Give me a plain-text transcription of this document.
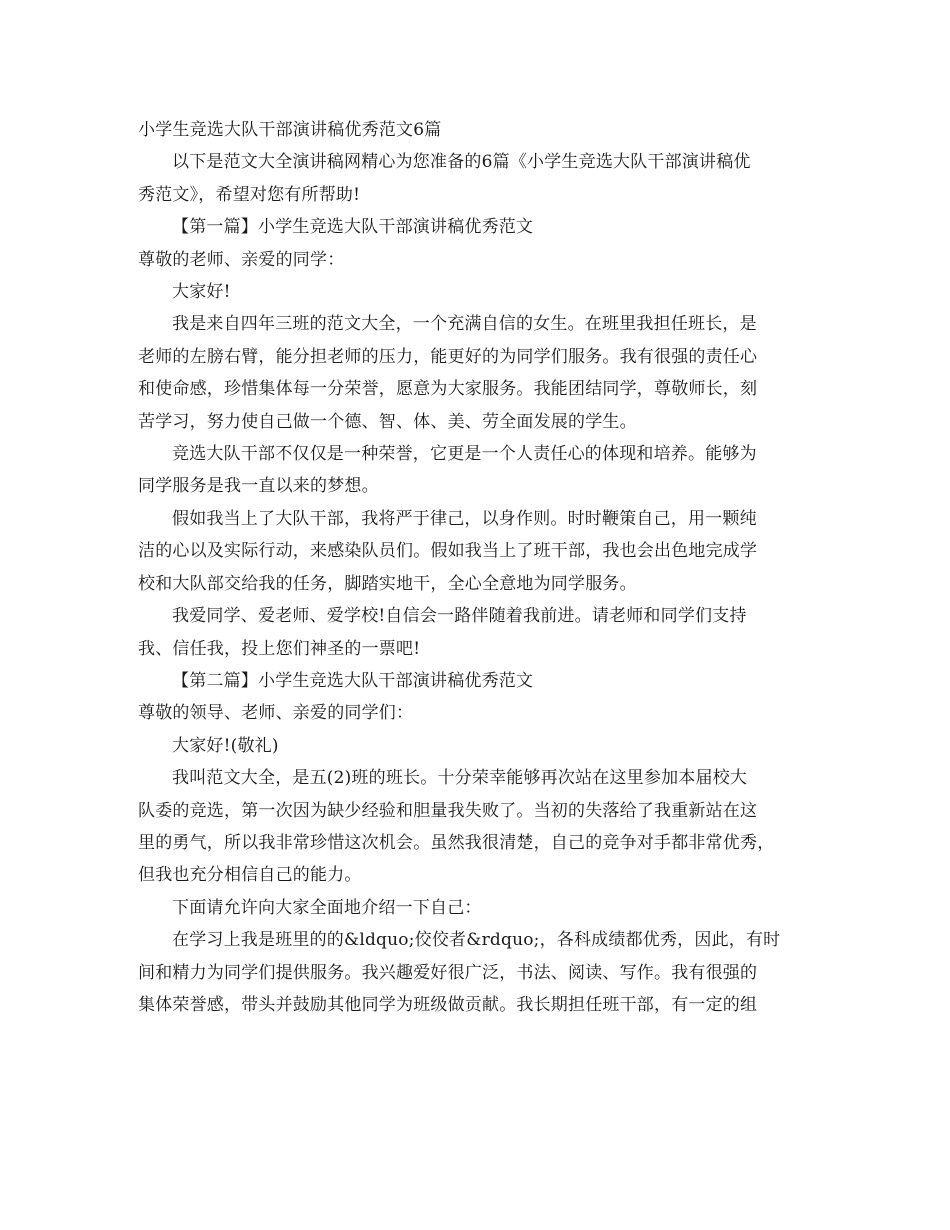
小学生竞选大队干部演讲稿优秀范文6篇
以下是范文大全演讲稿网精心为您准备的6篇《小学生竞选大队干部演讲稿优
秀范文》，希望对您有所帮助!
【第一篇】小学生竞选大队干部演讲稿优秀范文
尊敬的老师、亲爱的同学：
大家好!
我是来自四年三班的范文大全，一个充满自信的女生。在班里我担任班长，是
老师的左膀右臂，能分担老师的压力，能更好的为同学们服务。我有很强的责任心
和使命感，珍惜集体每一分荣誉，愿意为大家服务。我能团结同学，尊敬师长，刻
苦学习，努力使自己做一个德、智、体、美、劳全面发展的学生。
竞选大队干部不仅仅是一种荣誉，它更是一个人责任心的体现和培养。能够为
同学服务是我一直以来的梦想。
假如我当上了大队干部，我将严于律己，以身作则。时时鞭策自己，用一颗纯
洁的心以及实际行动，来感染队员们。假如我当上了班干部，我也会出色地完成学
校和大队部交给我的任务，脚踏实地干，全心全意地为同学服务。
我爱同学、爱老师、爱学校!自信会一路伴随着我前进。请老师和同学们支持
我、信任我，投上您们神圣的一票吧!
【第二篇】小学生竞选大队干部演讲稿优秀范文
尊敬的领导、老师、亲爱的同学们：
大家好!(敬礼)
我叫范文大全，是五(2)班的班长。十分荣幸能够再次站在这里参加本届校大
队委的竞选，第一次因为缺少经验和胆量我失败了。当初的失落给了我重新站在这
里的勇气，所以我非常珍惜这次机会。虽然我很清楚，自己的竞争对手都非常优秀，
但我也充分相信自己的能力。
下面请允许向大家全面地介绍一下自己：
在学习上我是班里的的&ldquo;佼佼者&rdquo;，各科成绩都优秀，因此，有时
间和精力为同学们提供服务。我兴趣爱好很广泛，书法、阅读、写作。我有很强的
集体荣誉感，带头并鼓励其他同学为班级做贡献。我长期担任班干部，有一定的组
